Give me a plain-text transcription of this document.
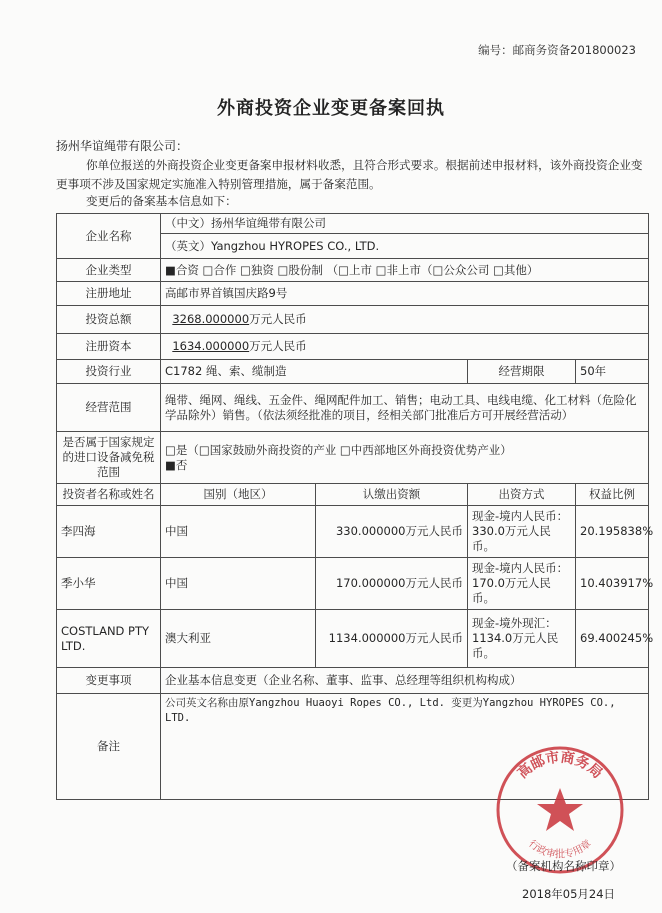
编号：邮商务资备201800023
外商投资企业变更备案回执
扬州华谊绳带有限公司：
你单位报送的外商投资企业变更备案申报材料收悉，且符合形式要求。根据前述申报材料，该外商投资企业变更事项不涉及国家规定实施准入特别管理措施，属于备案范围。
变更后的备案基本信息如下：
企业名称	（中文）扬州华谊绳带有限公司			
	（英文）Yangzhou HYROPES CO., LTD.			
企业类型	■合资 □合作 □独资 □股份制 （□上市 □非上市（□公众公司 □其他）			
注册地址	高邮市界首镇国庆路9号			
投资总额	3268.000000万元人民币			
注册资本	1634.000000万元人民币			
投资行业	C1782 绳、索、缆制造		经营期限	50年
经营范围	绳带、绳网、绳线、五金件、绳网配件加工、销售；电动工具、电线电缆、化工材料（危险化学品除外）销售。（依法须经批准的项目，经相关部门批准后方可开展经营活动）			
是否属于国家规定的进口设备减免税范围	□是（□国家鼓励外商投资的产业 □中西部地区外商投资优势产业）
■否			

投资者名称或姓名	国别（地区）	认缴出资额	出资方式	权益比例
李四海	中国	330.000000万元人民币	现金-境内人民币：330.0万元人民币。	20.195838%
季小华	中国	170.000000万元人民币	现金-境内人民币：170.0万元人民币。	10.403917%
COSTLAND PTY LTD.	澳大利亚	1134.000000万元人民币	现金-境外现汇：1134.0万元人民币。	69.400245%
变更事项	企业基本信息变更（企业名称、董事、监事、总经理等组织机构构成）			
备注	公司英文名称由原Yangzhou Huaoyi Ropes CO., Ltd. 变更为Yangzhou HYROPES CO., LTD.			
高邮市商务局
行政审批专用章
（备案机构名称印章）
2018年05月24日
